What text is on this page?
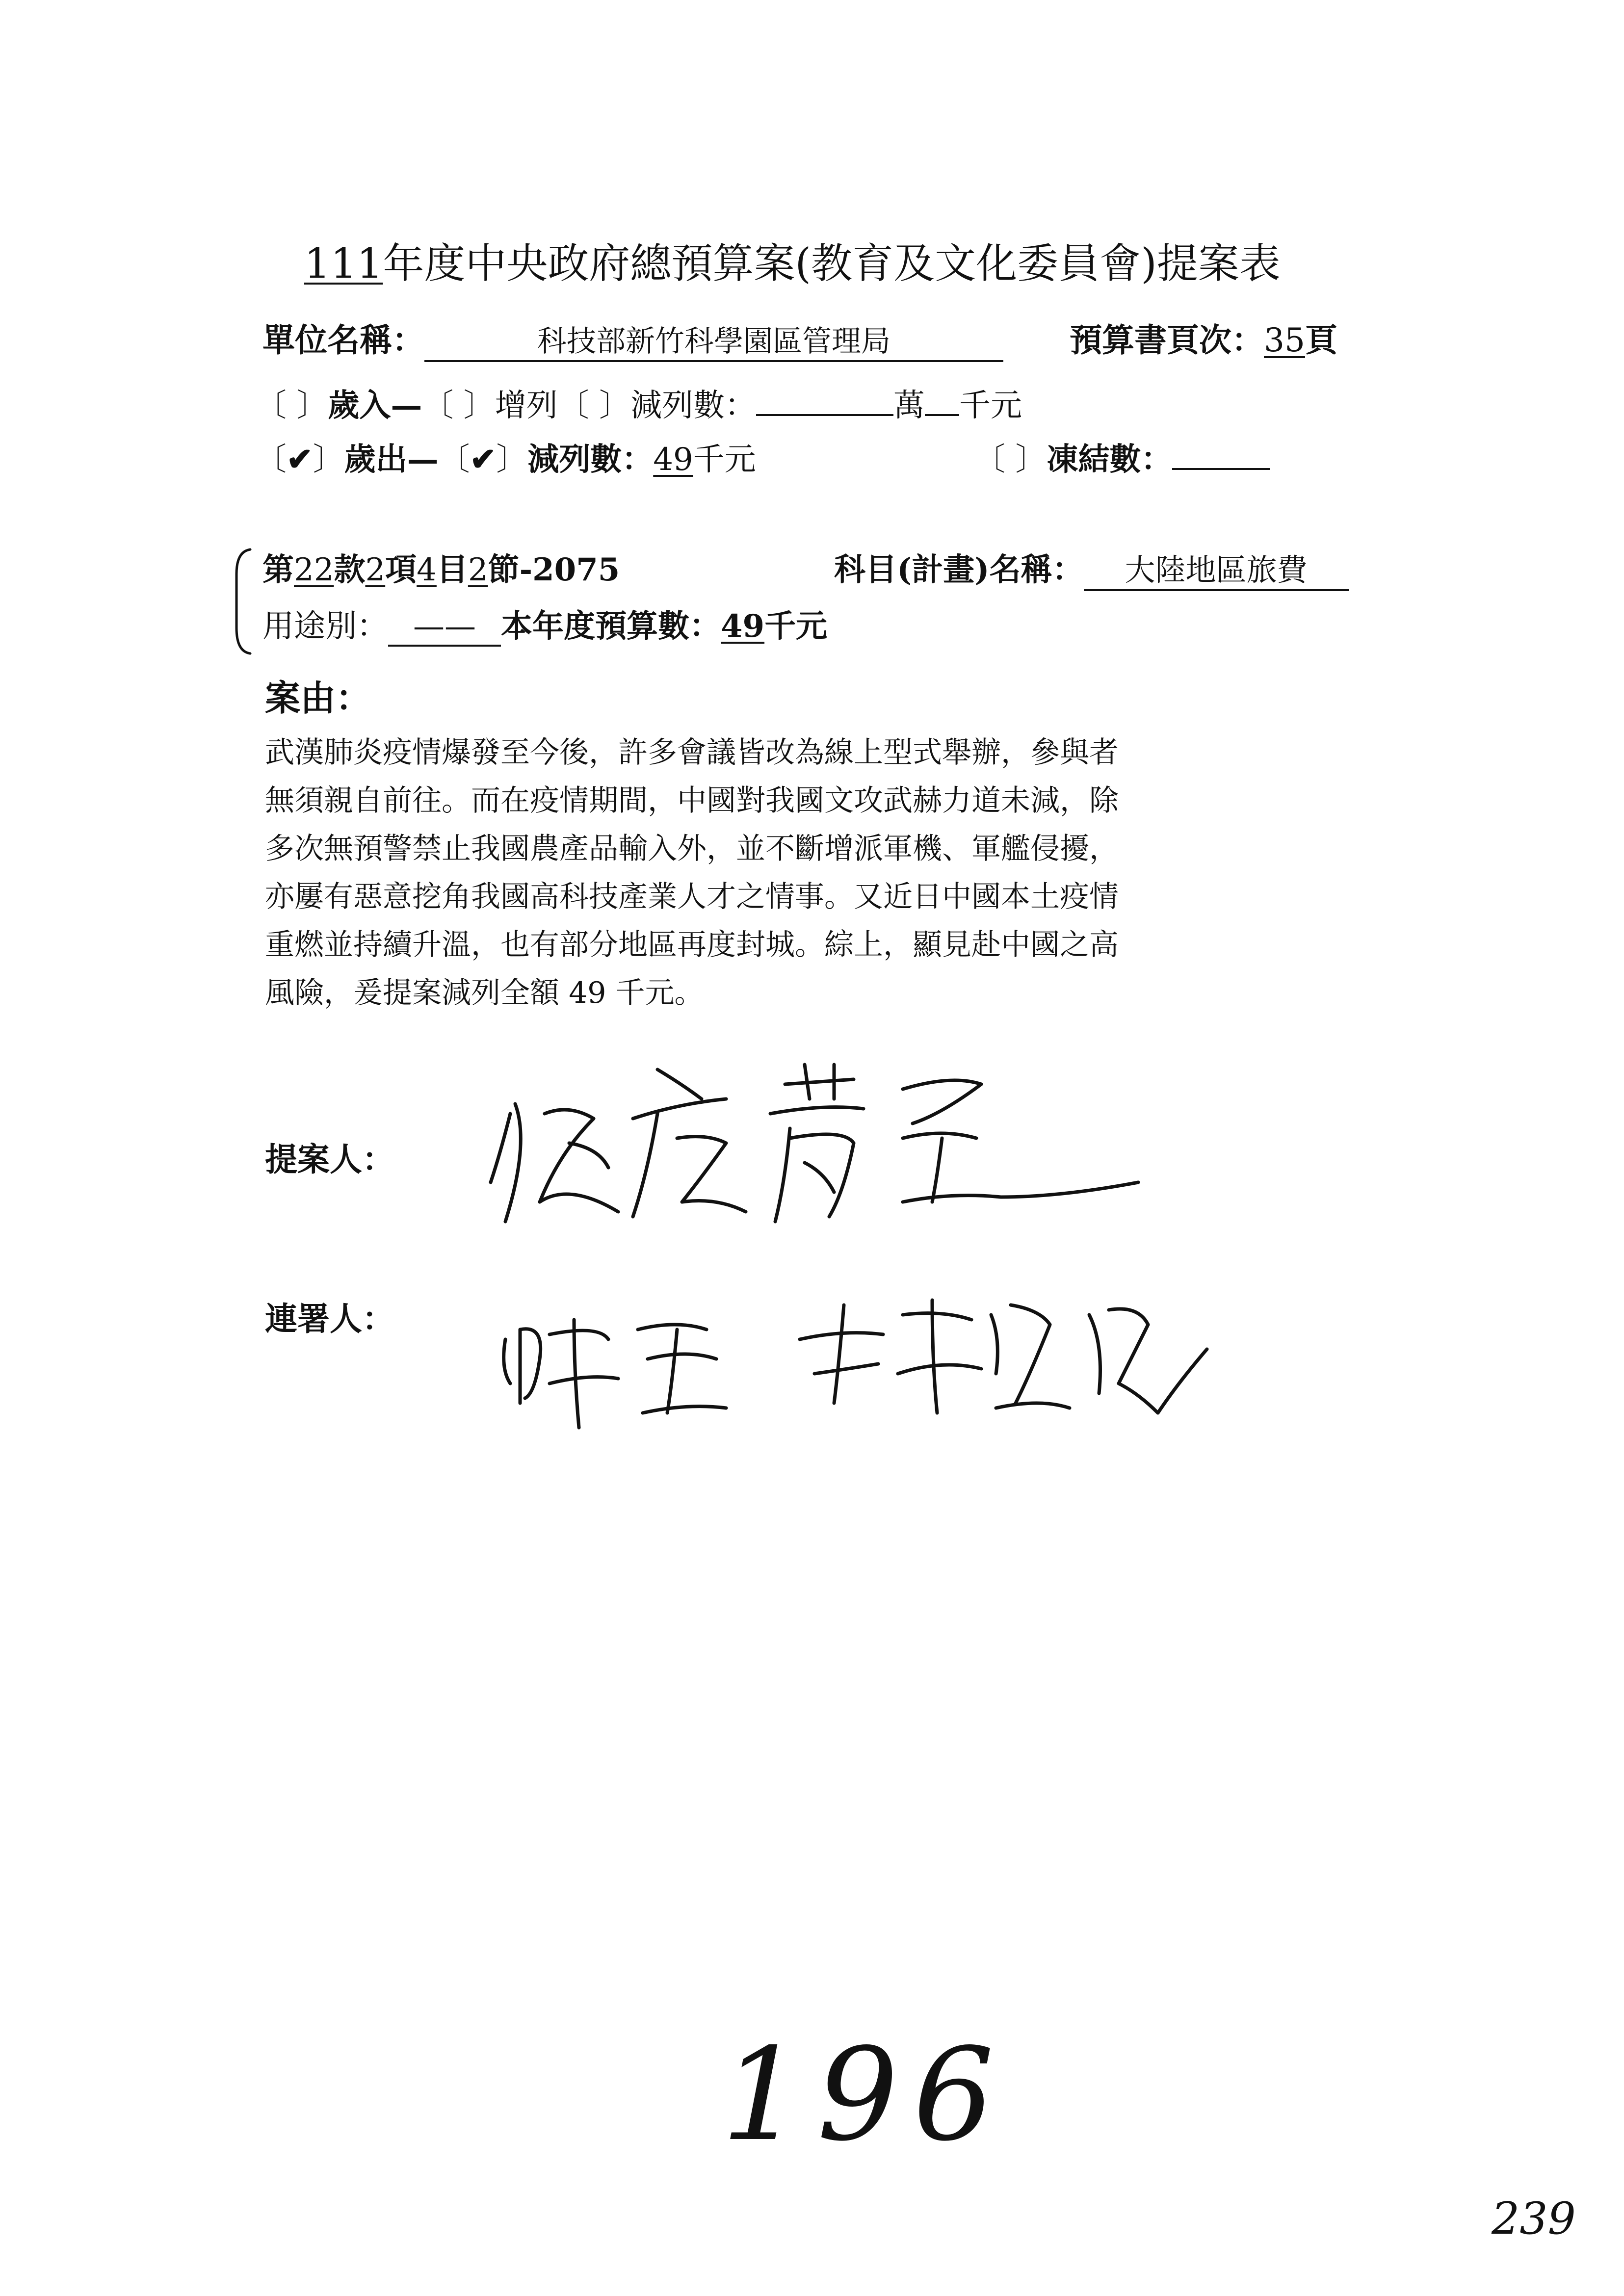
111年度中央政府總預算案(教育及文化委員會)提案表
單位名稱：	科技部新竹科學園區管理局	預算書頁次：35頁
〔 〕歲入—〔 〕增列〔 〕減列數：	萬 千元
〔✔〕歲出—〔✔〕減列數：49千元	〔 〕凍結數：
第22款2項4目2節-2075	科目(計畫)名稱： 大陸地區旅費
用途別： —— 本年度預算數：49千元
案由：
武漢肺炎疫情爆發至今後，許多會議皆改為線上型式舉辦，參與者
無須親自前往。而在疫情期間，中國對我國文攻武赫力道未減，除
多次無預警禁止我國農產品輸入外，並不斷增派軍機、軍艦侵擾，
亦屢有惡意挖角我國高科技產業人才之情事。又近日中國本土疫情
重燃並持續升溫，也有部分地區再度封城。綜上，顯見赴中國之高
風險，爰提案減列全額 49 千元。
提案人：
連署人：
196
239
